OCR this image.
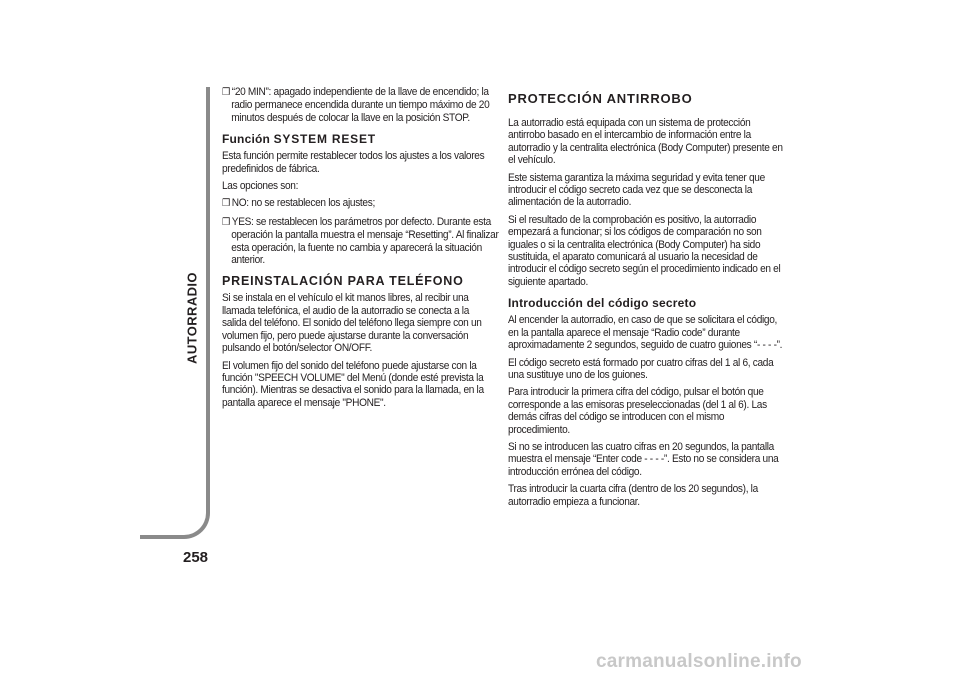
AUTORRADIO
258

❒ “20 MIN”: apagado independiente de la llave de encendido; la radio permanece encendida durante un tiempo máximo de 20 minutos después de colocar la llave en la posición STOP.

Función SYSTEM RESET

Esta función permite restablecer todos los ajustes a los valores predefinidos de fábrica.

Las opciones son:

❒ NO: no se restablecen los ajustes;

❒ YES: se restablecen los parámetros por defecto. Durante esta operación la pantalla muestra el mensaje “Resetting”. Al finalizar esta operación, la fuente no cambia y aparecerá la situación anterior.

PREINSTALACIÓN PARA TELÉFONO

Si se instala en el vehículo el kit manos libres, al recibir una llamada telefónica, el audio de la autorradio se conecta a la salida del teléfono. El sonido del teléfono llega siempre con un volumen fijo, pero puede ajustarse durante la conversación pulsando el botón/selector ON/OFF.

El volumen fijo del sonido del teléfono puede ajustarse con la función "SPEECH VOLUME" del Menú (donde esté prevista la función). Mientras se desactiva el sonido para la llamada, en la pantalla aparece el mensaje "PHONE".

PROTECCIÓN ANTIRROBO

La autorradio está equipada con un sistema de protección antirrobo basado en el intercambio de información entre la autorradio y la centralita electrónica (Body Computer) presente en el vehículo.

Este sistema garantiza la máxima seguridad y evita tener que introducir el código secreto cada vez que se desconecta la alimentación de la autorradio.

Si el resultado de la comprobación es positivo, la autorradio empezará a funcionar; si los códigos de comparación no son iguales o si la centralita electrónica (Body Computer) ha sido sustituida, el aparato comunicará al usuario la necesidad de introducir el código secreto según el procedimiento indicado en el siguiente apartado.

Introducción del código secreto

Al encender la autorradio, en caso de que se solicitara el código, en la pantalla aparece el mensaje “Radio code” durante aproximadamente 2 segundos, seguido de cuatro guiones “- - - -”.

El código secreto está formado por cuatro cifras del 1 al 6, cada una sustituye uno de los guiones.

Para introducir la primera cifra del código, pulsar el botón que corresponde a las emisoras preseleccionadas (del 1 al 6). Las demás cifras del código se introducen con el mismo procedimiento.

Si no se introducen las cuatro cifras en 20 segundos, la pantalla muestra el mensaje “Enter code - - - -”. Esto no se considera una introducción errónea del código.

Tras introducir la cuarta cifra (dentro de los 20 segundos), la autorradio empieza a funcionar.

carmanualsonline.info
